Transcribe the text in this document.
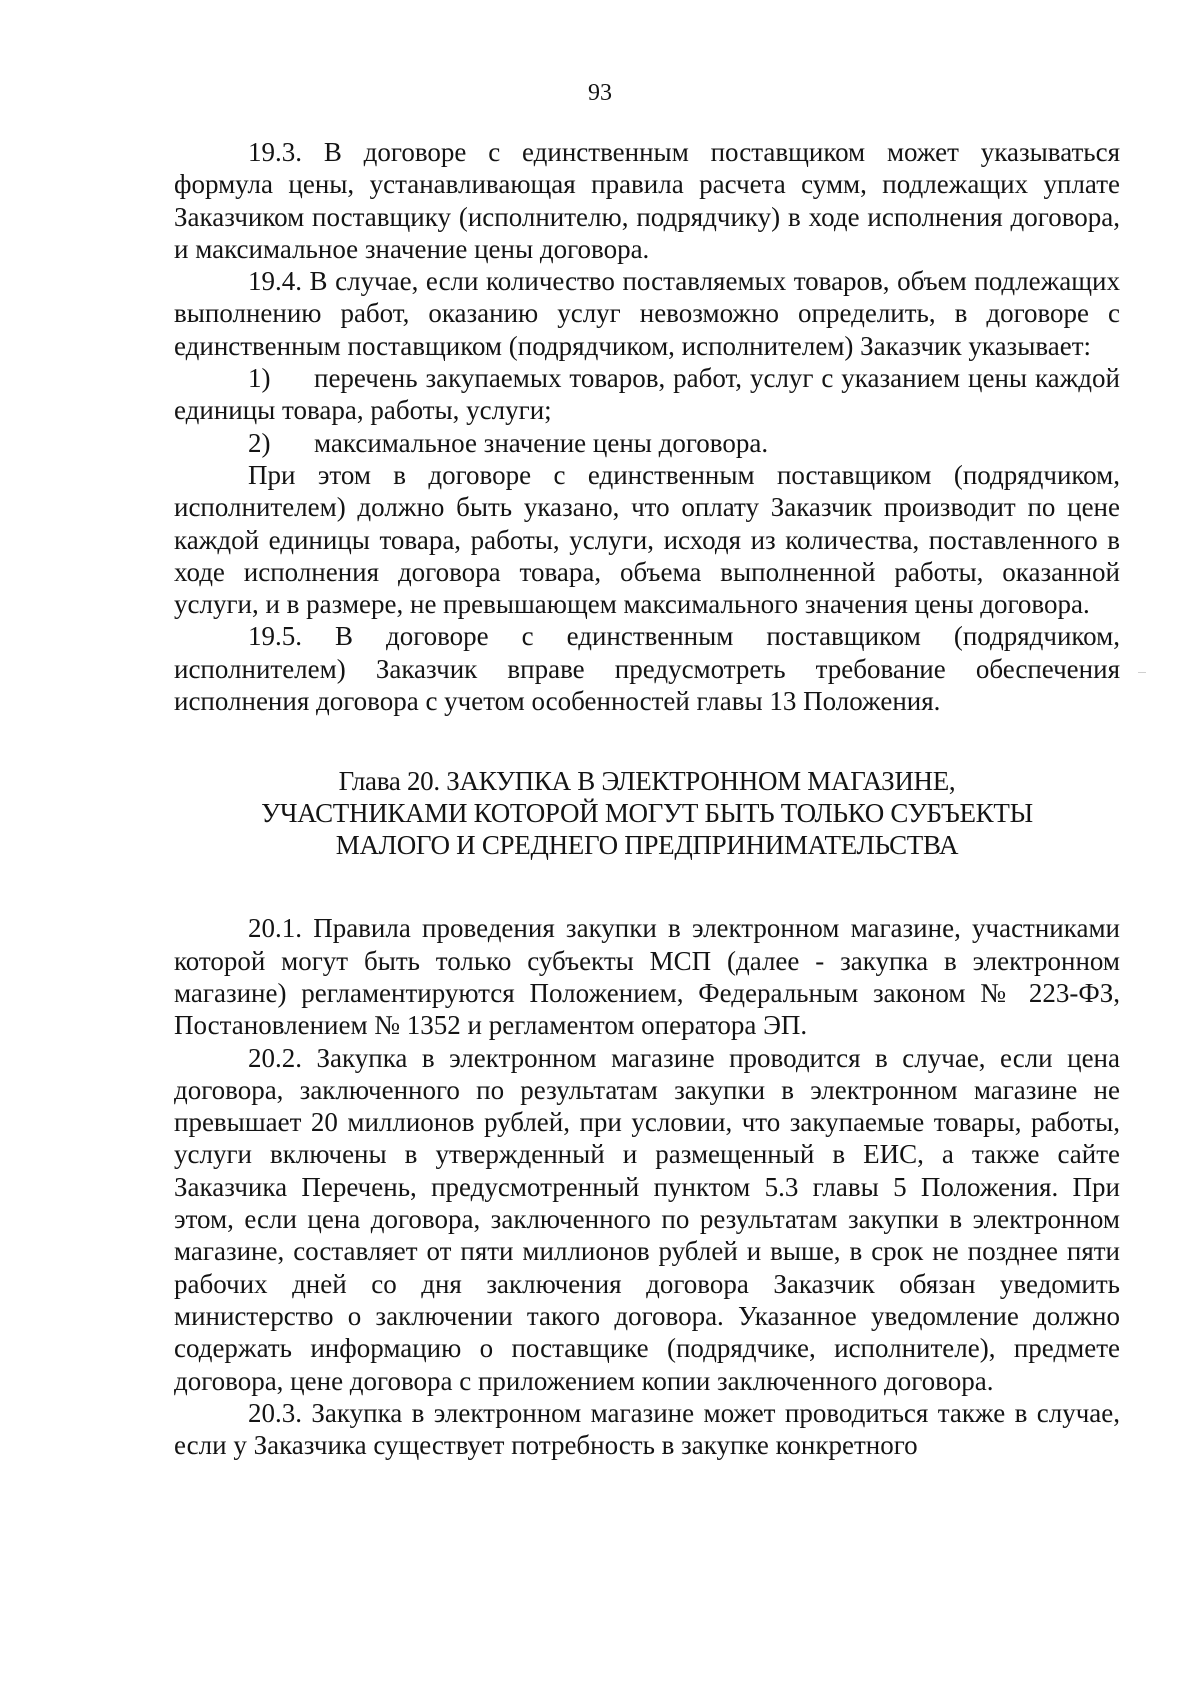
93

19.3. В договоре с единственным поставщиком может указываться формула цены, устанавливающая правила расчета сумм, подлежащих уплате Заказчиком поставщику (исполнителю, подрядчику) в ходе исполнения договора, и максимальное значение цены договора.

19.4. В случае, если количество поставляемых товаров, объем подлежащих выполнению работ, оказанию услуг невозможно определить, в договоре с единственным поставщиком (подрядчиком, исполнителем) Заказчик указывает:

1) перечень закупаемых товаров, работ, услуг с указанием цены каждой единицы товара, работы, услуги;

2) максимальное значение цены договора.

При этом в договоре с единственным поставщиком (подрядчиком, исполнителем) должно быть указано, что оплату Заказчик производит по цене каждой единицы товара, работы, услуги, исходя из количества, поставленного в ходе исполнения договора товара, объема выполненной работы, оказанной услуги, и в размере, не превышающем максимального значения цены договора.

19.5. В договоре с единственным поставщиком (подрядчиком, исполнителем) Заказчик вправе предусмотреть требование обеспечения исполнения договора с учетом особенностей главы 13 Положения.

Глава 20. ЗАКУПКА В ЭЛЕКТРОННОМ МАГАЗИНЕ,
УЧАСТНИКАМИ КОТОРОЙ МОГУТ БЫТЬ ТОЛЬКО СУБЪЕКТЫ
МАЛОГО И СРЕДНЕГО ПРЕДПРИНИМАТЕЛЬСТВА

20.1. Правила проведения закупки в электронном магазине, участниками которой могут быть только субъекты МСП (далее - закупка в электронном магазине) регламентируются Положением, Федеральным законом № 223-ФЗ, Постановлением № 1352 и регламентом оператора ЭП.

20.2. Закупка в электронном магазине проводится в случае, если цена договора, заключенного по результатам закупки в электронном магазине не превышает 20 миллионов рублей, при условии, что закупаемые товары, работы, услуги включены в утвержденный и размещенный в ЕИС, а также сайте Заказчика Перечень, предусмотренный пунктом 5.3 главы 5 Положения. При этом, если цена договора, заключенного по результатам закупки в электронном магазине, составляет от пяти миллионов рублей и выше, в срок не позднее пяти рабочих дней со дня заключения договора Заказчик обязан уведомить министерство о заключении такого договора. Указанное уведомление должно содержать информацию о поставщике (подрядчике, исполнителе), предмете договора, цене договора с приложением копии заключенного договора.

20.3. Закупка в электронном магазине может проводиться также в случае, если у Заказчика существует потребность в закупке конкретного
